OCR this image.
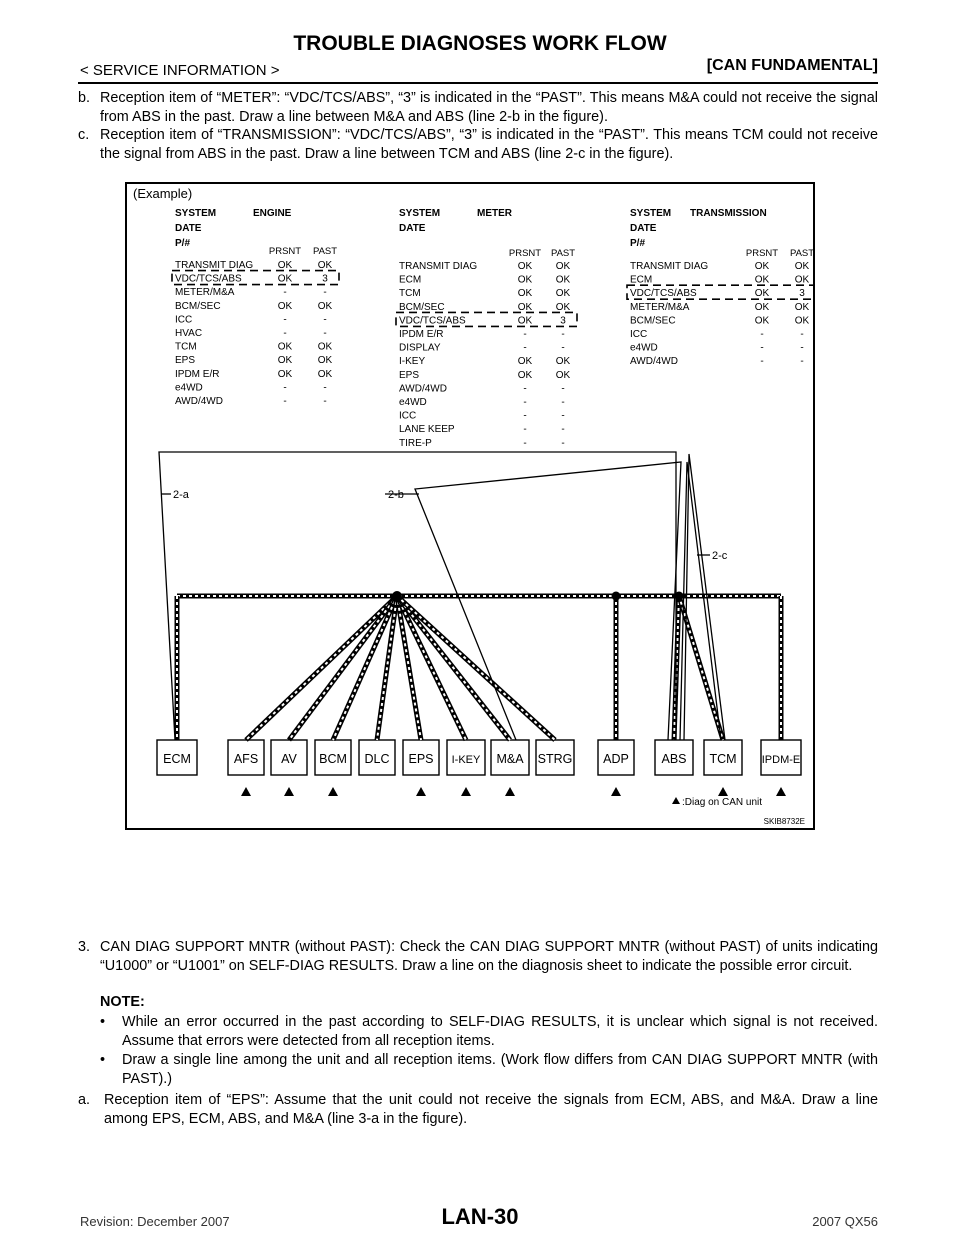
TROUBLE DIAGNOSES WORK FLOW
< SERVICE INFORMATION >	[CAN FUNDAMENTAL]
b. Reception item of “METER”: “VDC/TCS/ABS”, “3” is indicated in the “PAST”. This means M&A could not receive the signal from ABS in the past. Draw a line between M&A and ABS (line 2-b in the figure).
c. Reception item of “TRANSMISSION”: “VDC/TCS/ABS”, “3” is indicated in the “PAST”. This means TCM could not receive the signal from ABS in the past. Draw a line between TCM and ABS (line 2-c in the figure).
(Example)
SYSTEM	ENGINE
DATE
P/#
PRSNT PAST
TRANSMIT DIAG OK	OK
VDC/TCS/ABS	OK	3
METER/M&A	-	-
BCM/SEC	OK	OK
ICC	-	-
HVAC	-	-
TCM	OK	OK
EPS	OK	OK
IPDM E/R	OK	OK
e4WD	-	-
AWD/4WD	-	-
SYSTEM	METER
DATE
PRSNT PAST
TRANSMIT DIAG	OK OK
ECM	OK OK
TCM	OK OK
BCM/SEC	OK OK
VDC/TCS/ABS	OK	3
IPDM E/R	-	-
DISPLAY	-	-
I-KEY	OK OK
EPS	OK OK
AWD/4WD	-	-
e4WD	-	-
ICC	-	-
LANE KEEP	-	-
TIRE-P	-	-
SYSTEM TRANSMISSION
DATE
P/#
PRSNT PAST
TRANSMIT DIAG	OK	OK
ECM	OK	OK
VDC/TCS/ABS	OK	3
METER/M&A	OK	OK
BCM/SEC	OK	OK
ICC	-	-
e4WD	-	-
AWD/4WD	-	-
ECM	AFS AV BCM DLC EPS I-KEY M&A STRG ADP	ABS TCM IPDM-E
2-a	2-b
2-c
:Diag on CAN unit
SKIB8732E
3. CAN DIAG SUPPORT MNTR (without PAST): Check the CAN DIAG SUPPORT MNTR (without PAST) of units indicating “U1000” or “U1001” on SELF-DIAG RESULTS. Draw a line on the diagnosis sheet to indicate the possible error circuit.
NOTE:
• While an error occurred in the past according to SELF-DIAG RESULTS, it is unclear which signal is not received. Assume that errors were detected from all reception items.
• Draw a single line among the unit and all reception items. (Work flow differs from CAN DIAG SUPPORT MNTR (with PAST).)
a. Reception item of “EPS”: Assume that the unit could not receive the signals from ECM, ABS, and M&A. Draw a line among EPS, ECM, ABS, and M&A (line 3-a in the figure).
LAN-30
Revision: December 2007	2007 QX56
